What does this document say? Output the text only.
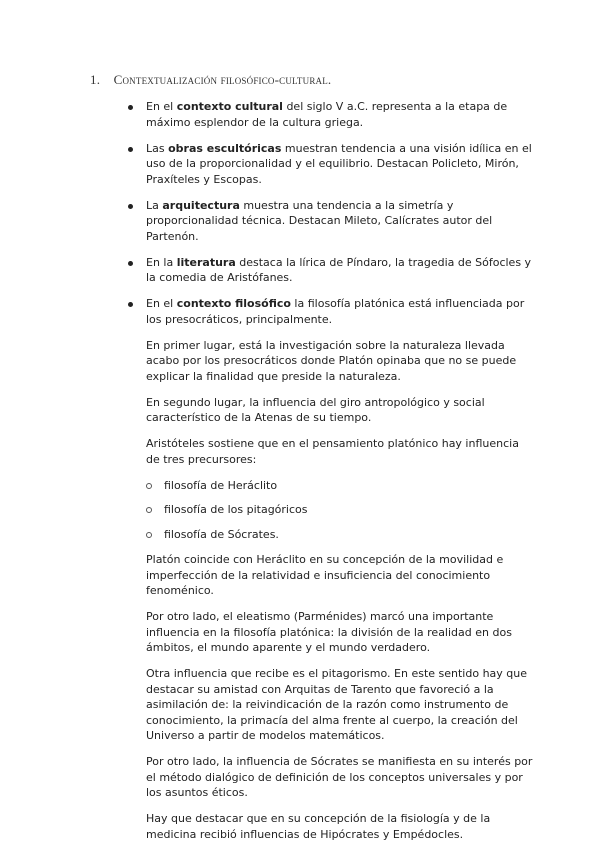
1. Contextualización filosófico-cultural.
En el contexto cultural del siglo V a.C. representa a la etapa de máximo esplendor de la cultura griega.
Las obras escultóricas muestran tendencia a una visión idílica en el uso de la proporcionalidad y el equilibrio. Destacan Policleto, Mirón, Praxíteles y Escopas.
La arquitectura muestra una tendencia a la simetría y proporcionalidad técnica. Destacan Mileto, Calícrates autor del Partenón.
En la literatura destaca la lírica de Píndaro, la tragedia de Sófocles y la comedia de Aristófanes.
En el contexto filosófico la filosofía platónica está influenciada por los presocráticos, principalmente.

En primer lugar, está la investigación sobre la naturaleza llevada acabo por los presocráticos donde Platón opinaba que no se puede explicar la finalidad que preside la naturaleza.

En segundo lugar, la influencia del giro antropológico y social característico de la Atenas de su tiempo.

Aristóteles sostiene que en el pensamiento platónico hay influencia de tres precursores:

filosofía de Heráclito
filosofía de los pitagóricos
filosofía de Sócrates.

Platón coincide con Heráclito en su concepción de la movilidad e imperfección de la relatividad e insuficiencia del conocimiento fenoménico.

Por otro lado, el eleatismo (Parménides) marcó una importante influencia en la filosofía platónica: la división de la realidad en dos ámbitos, el mundo aparente y el mundo verdadero.

Otra influencia que recibe es el pitagorismo. En este sentido hay que destacar su amistad con Arquitas de Tarento que favoreció a la asimilación de: la reivindicación de la razón como instrumento de conocimiento, la primacía del alma frente al cuerpo, la creación del Universo a partir de modelos matemáticos.

Por otro lado, la influencia de Sócrates se manifiesta en su interés por el método dialógico de definición de los conceptos universales y por los asuntos éticos.

Hay que destacar que en su concepción de la fisiología y de la medicina recibió influencias de Hipócrates y Empédocles.
